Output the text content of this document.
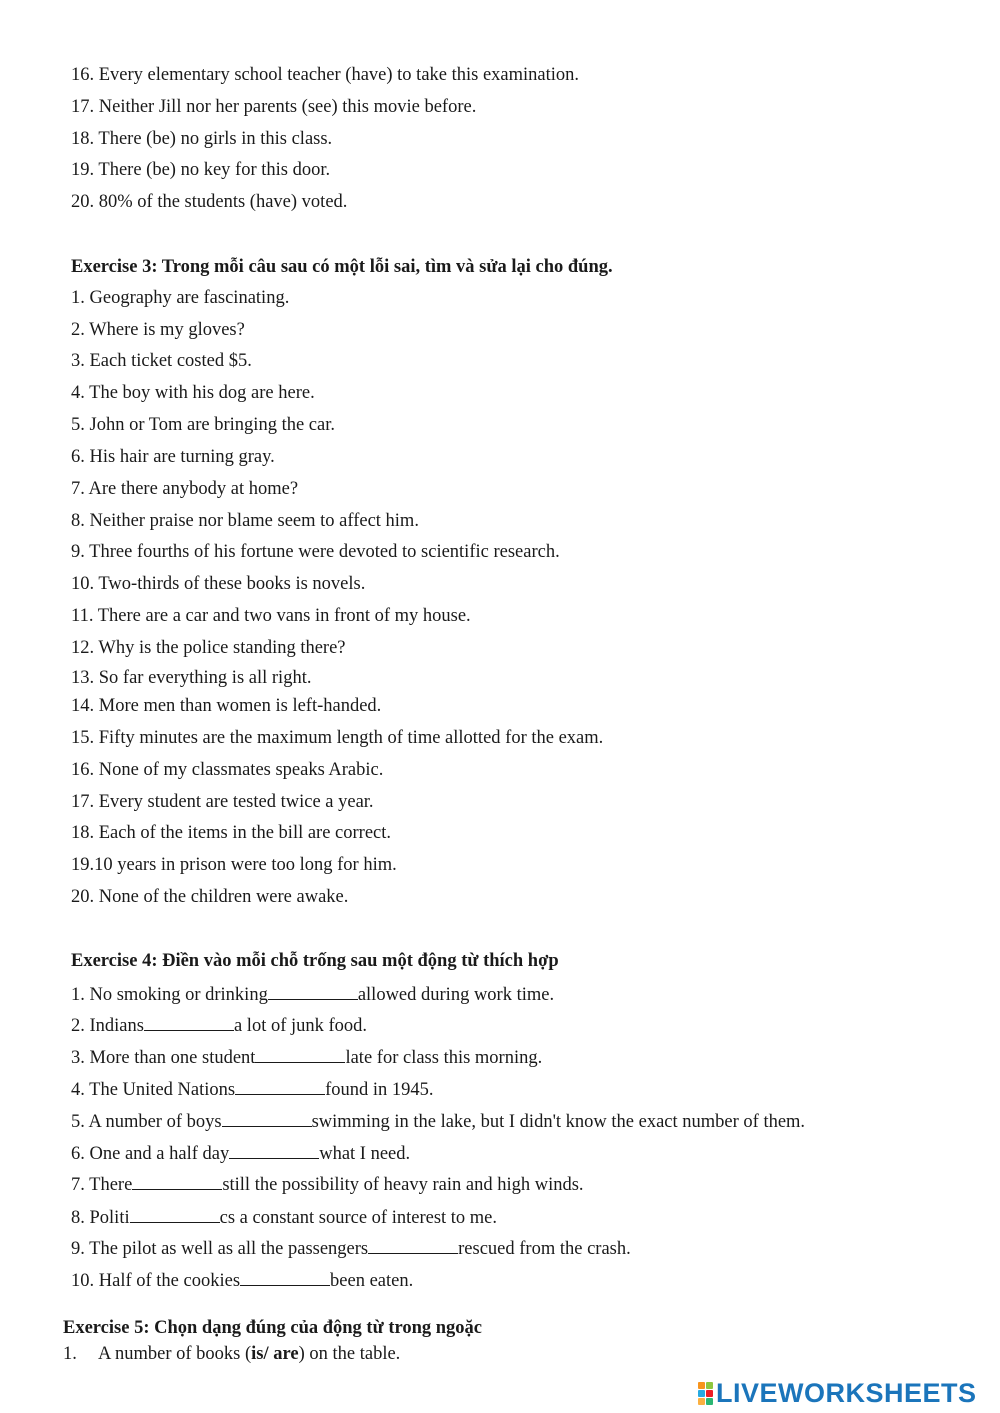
16. Every elementary school teacher (have) to take this examination.
17. Neither Jill nor her parents (see) this movie before.
18. There (be) no girls in this class.
19. There (be) no key for this door.
20. 80% of the students (have) voted.
Exercise 3: Trong mỗi câu sau có một lỗi sai, tìm và sửa lại cho đúng.
1. Geography are fascinating.
2. Where is my gloves?
3. Each ticket costed $5.
4. The boy with his dog are here.
5. John or Tom are bringing the car.
6. His hair are turning gray.
7. Are there anybody at home?
8. Neither praise nor blame seem to affect him.
9. Three fourths of his fortune were devoted to scientific research.
10. Two-thirds of these books is novels.
11. There are a car and two vans in front of my house.
12. Why is the police standing there?
13. So far everything is all right.
14. More men than women is left-handed.
15. Fifty minutes are the maximum length of time allotted for the exam.
16. None of my classmates speaks Arabic.
17. Every student are tested twice a year.
18. Each of the items in the bill are correct.
19.10 years in prison were too long for him.
20. None of the children were awake.
Exercise 4: Điền vào mỗi chỗ trống sau một động từ thích hợp
1. No smoking or drinking	allowed during work time.
2. Indians	a lot of junk food.
3. More than one student	late for class this morning.
4. The United Nations	found in 1945.
5. A number of boys	swimming in the lake, but I didn't know the exact number of them.
6. One and a half day	what I need.
7. There	still the possibility of heavy rain and high winds.
8. Politi	cs a constant source of interest to me.
9. The pilot as well as all the passengers	rescued from the crash.
10. Half of the cookies	been eaten.
Exercise 5: Chọn dạng đúng của động từ trong ngoặc
1. A number of books (is/ are) on the table.
LIVEWORKSHEETS
